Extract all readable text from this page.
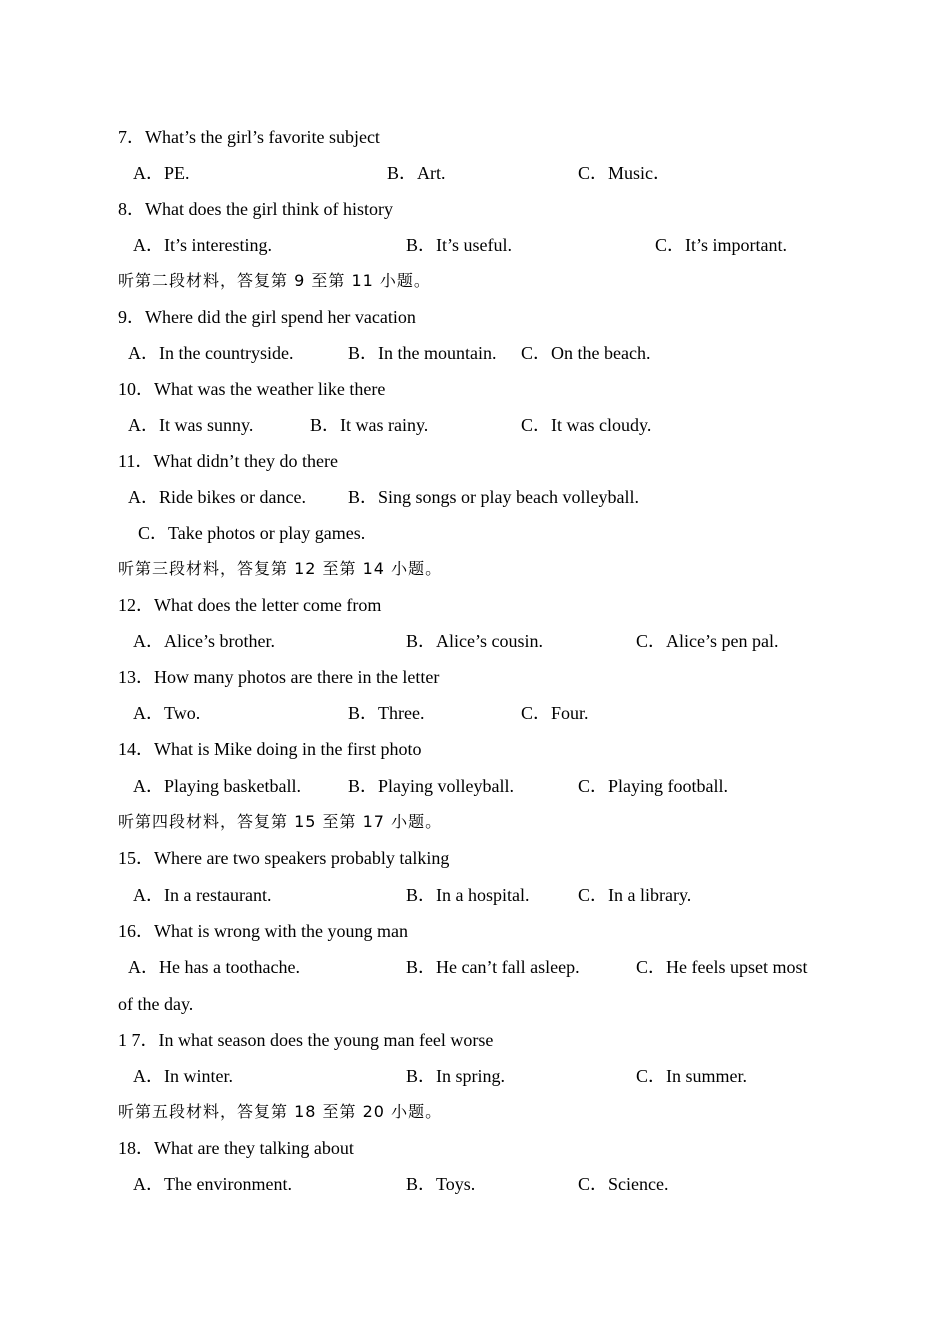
7．What’s the girl’s favorite subject
A．PE.	B．Art.	C．Music．
8．What does the girl think of history
A．It’s interesting.	B．It’s useful.	C．It’s important.
听第二段材料，答复第 9 至第 11 小题。
9．Where did the girl spend her vacation
A．In the countryside.	B．In the mountain. C．On the beach.
10．What was the weather like there
A．It was sunny.	B．It was rainy.	C．It was cloudy.
11．What didn’t they do there
A．Ride bikes or dance. B．Sing songs or play beach volleyball.
C．Take photos or play games.
听第三段材料，答复第 12 至第 14 小题。
12．What does the letter come from
A．Alice’s brother.	B．Alice’s cousin.	C．Alice’s pen pal.
13．How many photos are there in the letter
A．Two.	B．Three.	C．Four.
14．What is Mike doing in the first photo
A．Playing basketball.	B．Playing volleyball.	C．Playing football.
听第四段材料，答复第 15 至第 17 小题。
15．Where are two speakers probably talking
A．In a restaurant.	B．In a hospital.	C．In a library.
16．What is wrong with the young man
A．He has a toothache.	B．He can’t fall asleep.	C．He feels upset most
of the day.
1 7．In what season does the young man feel worse
A．In winter.	B．In spring.	C．In summer.
听第五段材料，答复第 18 至第 20 小题。
18．What are they talking about
A．The environment.	B．Toys.	C．Science.
